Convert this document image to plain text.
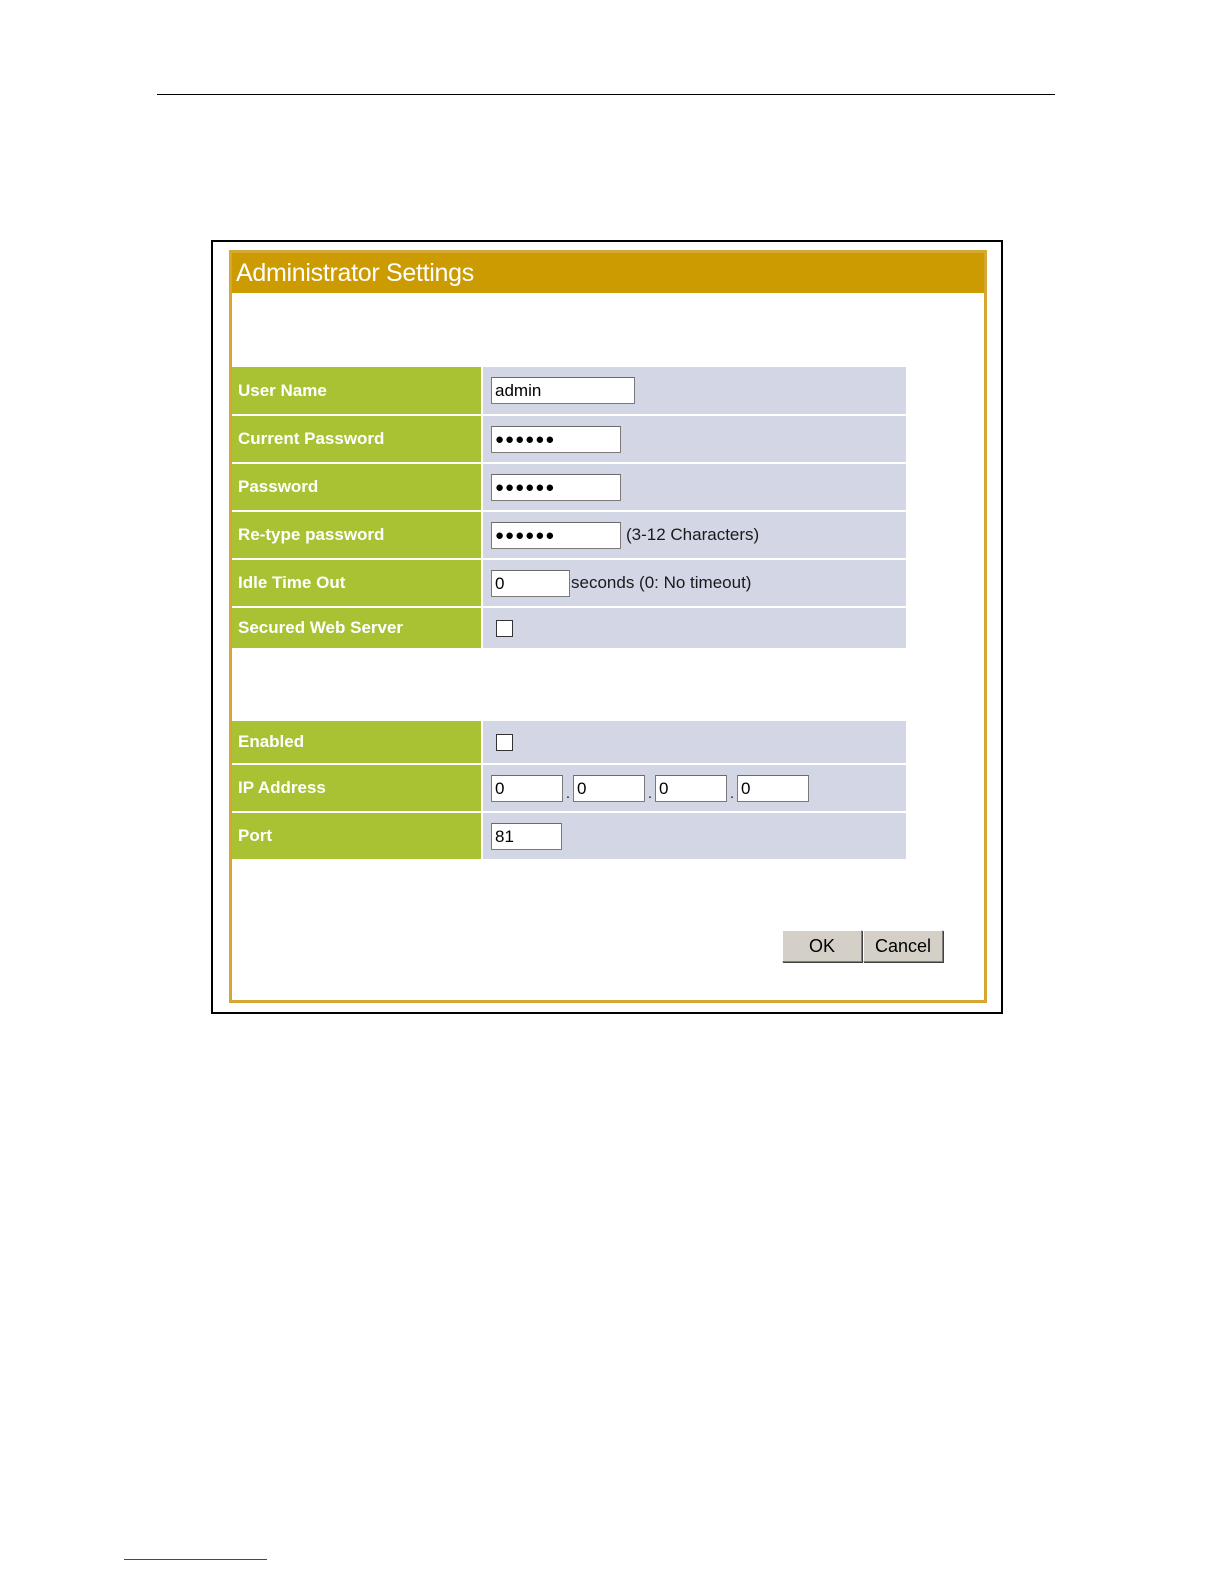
Administrator Settings
User Name	admin
Current Password	●●●●●●
Password	●●●●●●
Re-type password	●●●●●● (3-12 Characters)
Idle Time Out	0 seconds (0: No timeout)
Secured Web Server	
Enabled	
IP Address	0 . 0 . 0 . 0
Port	81
OK	Cancel
